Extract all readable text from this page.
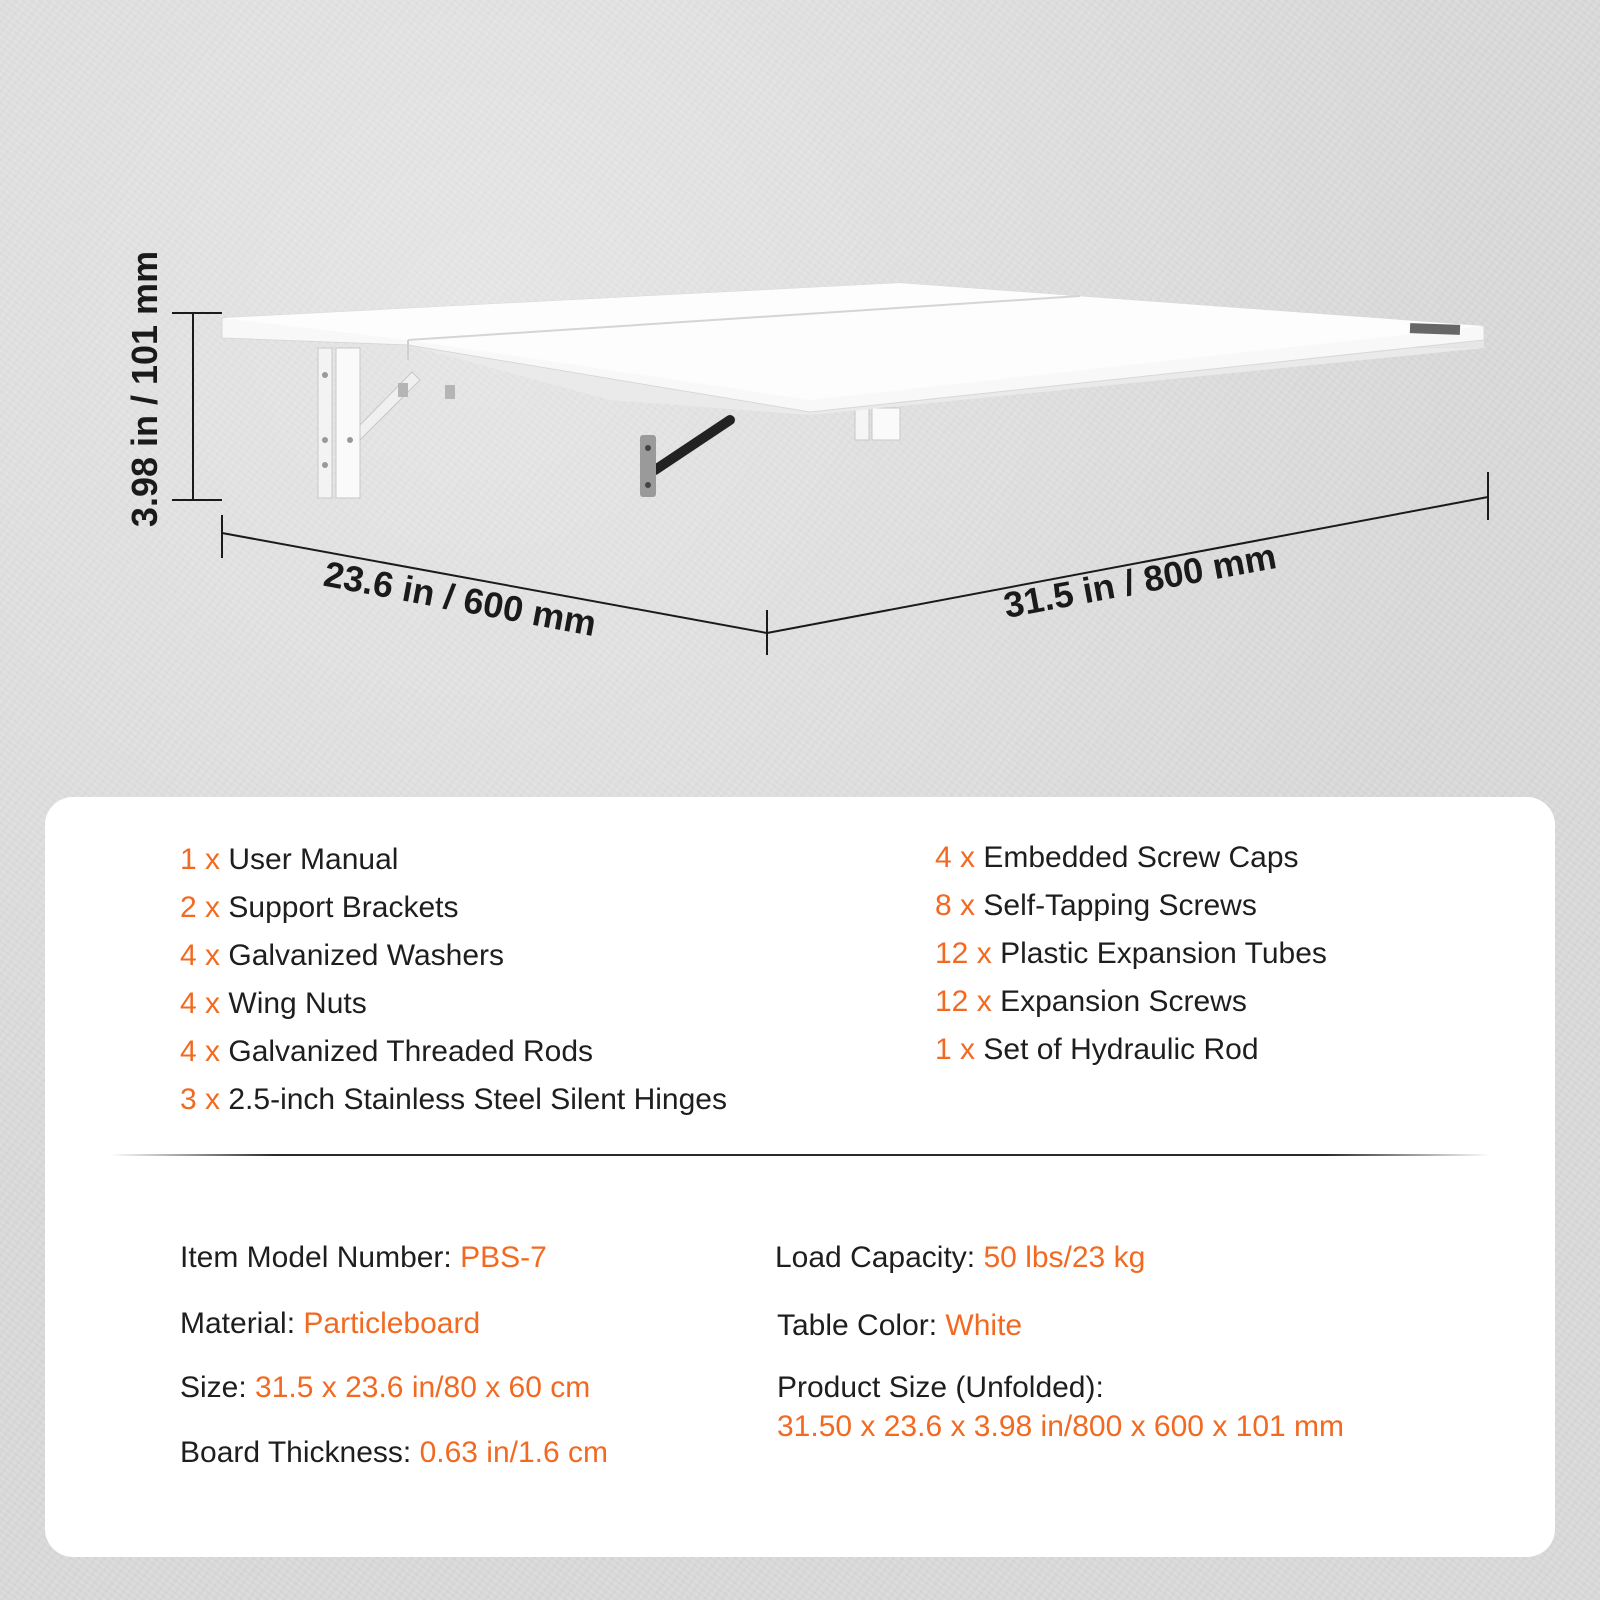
3.98 in / 101 mm
23.6 in / 600 mm	31.5 in / 800 mm
1 x User Manual
2 x Support Brackets
4 x Galvanized Washers
4 x Wing Nuts
4 x Galvanized Threaded Rods
3 x 2.5-inch Stainless Steel Silent Hinges
4 x Embedded Screw Caps
8 x Self-Tapping Screws
12 x Plastic Expansion Tubes
12 x Expansion Screws
1 x Set of Hydraulic Rod
Item Model Number: PBS-7
Material: Particleboard
Size: 31.5 x 23.6 in/80 x 60 cm
Board Thickness: 0.63 in/1.6 cm
Load Capacity: 50 lbs/23 kg
Table Color: White
Product Size (Unfolded):
31.50 x 23.6 x 3.98 in/800 x 600 x 101 mm
